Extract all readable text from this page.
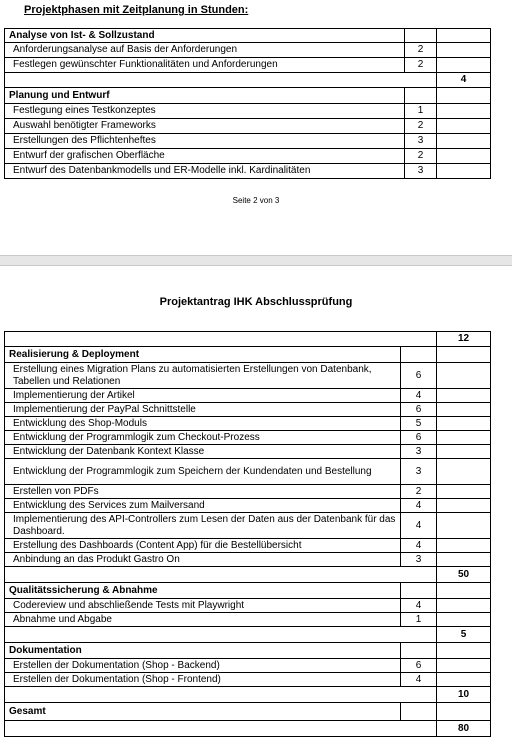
Projektphasen mit Zeitplanung in Stunden:
Analyse von Ist- & Sollzustand		
Anforderungsanalyse auf Basis der Anforderungen	2	
Festlegen gewünschter Funktionalitäten und Anforderungen	2	
		4
Planung und Entwurf		
Festlegung eines Testkonzeptes	1	
Auswahl benötigter Frameworks	2	
Erstellungen des Pflichtenheftes	3	
Entwurf der grafischen Oberfläche	2	
Entwurf des Datenbankmodells und ER-Modelle inkl. Kardinalitäten	3	
Seite 2 von 3
Projektantrag IHK Abschlussprüfung
		12
Realisierung & Deployment		
Erstellung eines Migration Plans zu automatisierten Erstellungen von Datenbank, Tabellen und Relationen	6	
Implementierung der Artikel	4	
Implementierung der PayPal Schnittstelle	6	
Entwicklung des Shop-Moduls	5	
Entwicklung der Programmlogik zum Checkout-Prozess	6	
Entwicklung der Datenbank Kontext Klasse	3	
Entwicklung der Programmlogik zum Speichern der Kundendaten und Bestellung	3	
Erstellen von PDFs	2	
Entwicklung des Services zum Mailversand	4	
Implementierung des API-Controllers zum Lesen der Daten aus der Datenbank für das Dashboard.	4	
Erstellung des Dashboards (Content App) für die Bestellübersicht	4	
Anbindung an das Produkt Gastro On	3	
		50
Qualitätssicherung & Abnahme		
Codereview und abschließende Tests mit Playwright	4	
Abnahme und Abgabe	1	
		5
Dokumentation		
Erstellen der Dokumentation (Shop - Backend)	6	
Erstellen der Dokumentation (Shop - Frontend)	4	
		10
Gesamt		
		80
